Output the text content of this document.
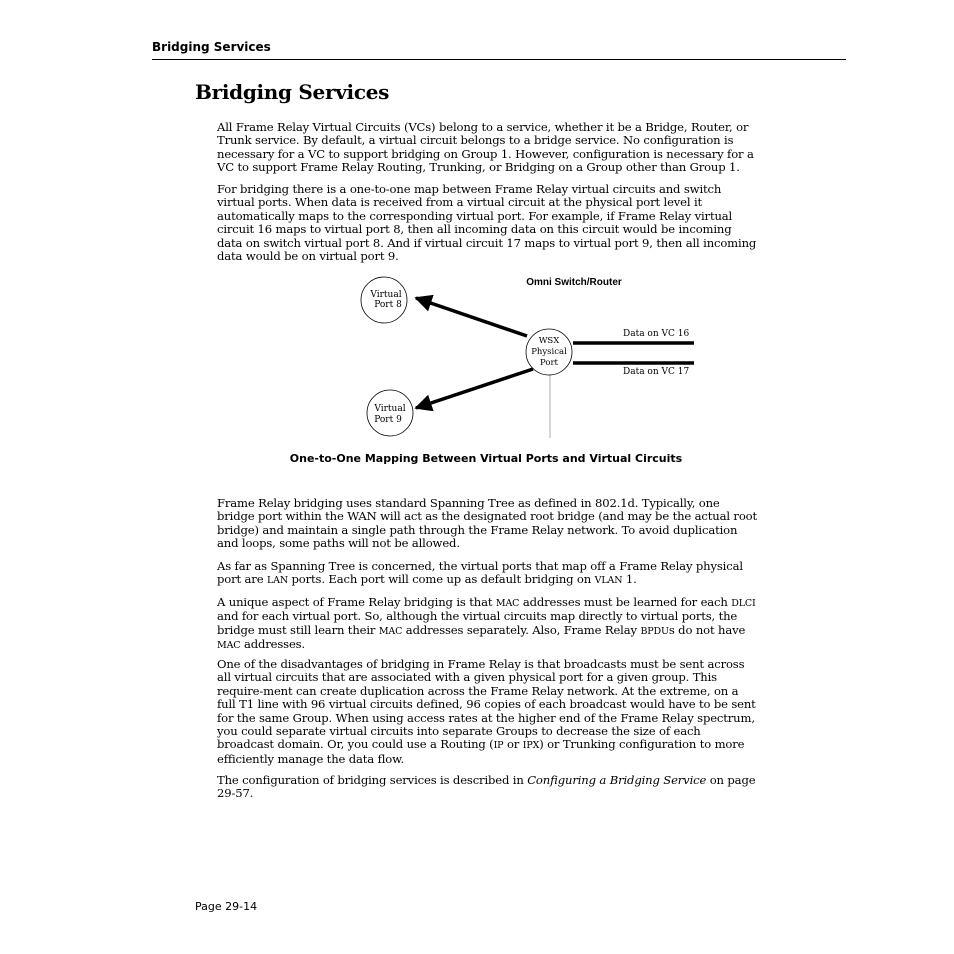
Bridging Services
Bridging Services

All Frame Relay Virtual Circuits (VCs) belong to a service, whether it be a Bridge, Router, or Trunk service. By default, a virtual circuit belongs to a bridge service. No configuration is necessary for a VC to support bridging on Group 1. However, configuration is necessary for a VC to support Frame Relay Routing, Trunking, or Bridging on a Group other than Group 1.

For bridging there is a one-to-one map between Frame Relay virtual circuits and switch virtual ports. When data is received from a virtual circuit at the physical port level it automatically maps to the corresponding virtual port. For example, if Frame Relay virtual circuit 16 maps to virtual port 8, then all incoming data on this circuit would be incoming data on switch virtual port 8. And if virtual circuit 17 maps to virtual port 9, then all incoming data would be on virtual port 9.

Omni Switch/Router
Virtual
Port 8
Virtual
Port 9
WSX
Physical
Port
Data on VC 16
Data on VC 17
One-to-One Mapping Between Virtual Ports and Virtual Circuits

Frame Relay bridging uses standard Spanning Tree as defined in 802.1d. Typically, one bridge port within the WAN will act as the designated root bridge (and may be the actual root bridge) and maintain a single path through the Frame Relay network. To avoid duplication and loops, some paths will not be allowed.

As far as Spanning Tree is concerned, the virtual ports that map off a Frame Relay physical port are LAN ports. Each port will come up as default bridging on VLAN 1.

A unique aspect of Frame Relay bridging is that MAC addresses must be learned for each DLCI and for each virtual port. So, although the virtual circuits map directly to virtual ports, the bridge must still learn their MAC addresses separately. Also, Frame Relay BPDUs do not have MAC addresses.

One of the disadvantages of bridging in Frame Relay is that broadcasts must be sent across all virtual circuits that are associated with a given physical port for a given group. This require-ment can create duplication across the Frame Relay network. At the extreme, on a full T1 line with 96 virtual circuits defined, 96 copies of each broadcast would have to be sent for the same Group. When using access rates at the higher end of the Frame Relay spectrum, you could separate virtual circuits into separate Groups to decrease the size of each broadcast domain. Or, you could use a Routing (IP or IPX) or Trunking configuration to more efficiently manage the data flow.

The configuration of bridging services is described in Configuring a Bridging Service on page 29-57.

Page 29-14
